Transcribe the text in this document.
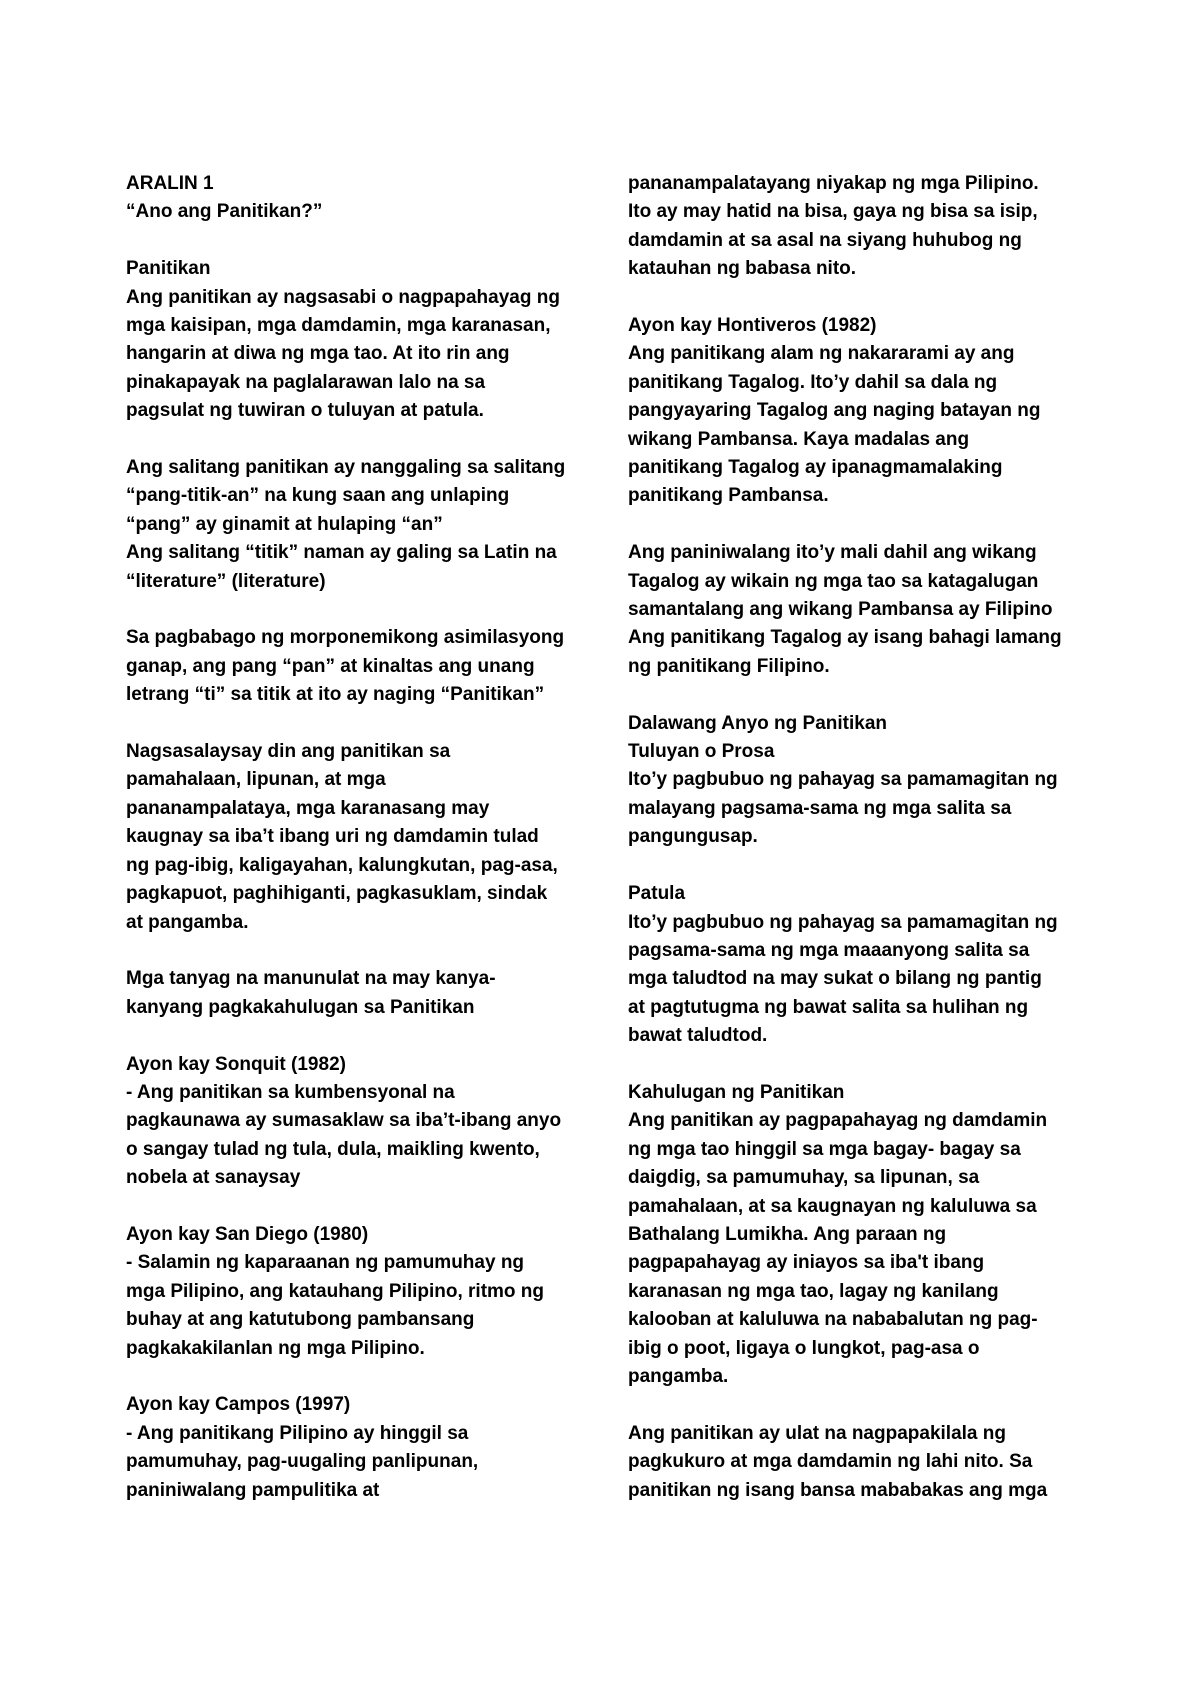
ARALIN 1
“Ano ang Panitikan?”
Panitikan
Ang panitikan ay nagsasabi o nagpapahayag ng
mga kaisipan, mga damdamin, mga karanasan,
hangarin at diwa ng mga tao. At ito rin ang
pinakapayak na paglalarawan lalo na sa
pagsulat ng tuwiran o tuluyan at patula.
Ang salitang panitikan ay nanggaling sa salitang
“pang-titik-an” na kung saan ang unlaping
“pang” ay ginamit at hulaping “an”
Ang salitang “titik” naman ay galing sa Latin na
“literature” (literature)
Sa pagbabago ng morponemikong asimilasyong
ganap, ang pang “pan” at kinaltas ang unang
letrang “ti” sa titik at ito ay naging “Panitikan”
Nagsasalaysay din ang panitikan sa
pamahalaan, lipunan, at mga
pananampalataya, mga karanasang may
kaugnay sa iba’t ibang uri ng damdamin tulad
ng pag-ibig, kaligayahan, kalungkutan, pag-asa,
pagkapuot, paghihiganti, pagkasuklam, sindak
at pangamba.
Mga tanyag na manunulat na may kanya-
kanyang pagkakahulugan sa Panitikan
Ayon kay Sonquit (1982)
- Ang panitikan sa kumbensyonal na
pagkaunawa ay sumasaklaw sa iba’t-ibang anyo
o sangay tulad ng tula, dula, maikling kwento,
nobela at sanaysay
Ayon kay San Diego (1980)
- Salamin ng kaparaanan ng pamumuhay ng
mga Pilipino, ang katauhang Pilipino, ritmo ng
buhay at ang katutubong pambansang
pagkakakilanlan ng mga Pilipino.
Ayon kay Campos (1997)
- Ang panitikang Pilipino ay hinggil sa
pamumuhay, pag-uugaling panlipunan,
paniniwalang pampulitika at
pananampalatayang niyakap ng mga Pilipino.
Ito ay may hatid na bisa, gaya ng bisa sa isip,
damdamin at sa asal na siyang huhubog ng
katauhan ng babasa nito.
Ayon kay Hontiveros (1982)
Ang panitikang alam ng nakararami ay ang
panitikang Tagalog. Ito’y dahil sa dala ng
pangyayaring Tagalog ang naging batayan ng
wikang Pambansa. Kaya madalas ang
panitikang Tagalog ay ipanagmamalaking
panitikang Pambansa.
Ang paniniwalang ito’y mali dahil ang wikang
Tagalog ay wikain ng mga tao sa katagalugan
samantalang ang wikang Pambansa ay Filipino
Ang panitikang Tagalog ay isang bahagi lamang
ng panitikang Filipino.
Dalawang Anyo ng Panitikan
Tuluyan o Prosa
Ito’y pagbubuo ng pahayag sa pamamagitan ng
malayang pagsama-sama ng mga salita sa
pangungusap.
Patula
Ito’y pagbubuo ng pahayag sa pamamagitan ng
pagsama-sama ng mga maaanyong salita sa
mga taludtod na may sukat o bilang ng pantig
at pagtutugma ng bawat salita sa hulihan ng
bawat taludtod.
Kahulugan ng Panitikan
Ang panitikan ay pagpapahayag ng damdamin
ng mga tao hinggil sa mga bagay- bagay sa
daigdig, sa pamumuhay, sa lipunan, sa
pamahalaan, at sa kaugnayan ng kaluluwa sa
Bathalang Lumikha. Ang paraan ng
pagpapahayag ay iniayos sa iba't ibang
karanasan ng mga tao, lagay ng kanilang
kalooban at kaluluwa na nababalutan ng pag-
ibig o poot, ligaya o lungkot, pag-asa o
pangamba.
Ang panitikan ay ulat na nagpapakilala ng
pagkukuro at mga damdamin ng lahi nito. Sa
panitikan ng isang bansa mababakas ang mga
